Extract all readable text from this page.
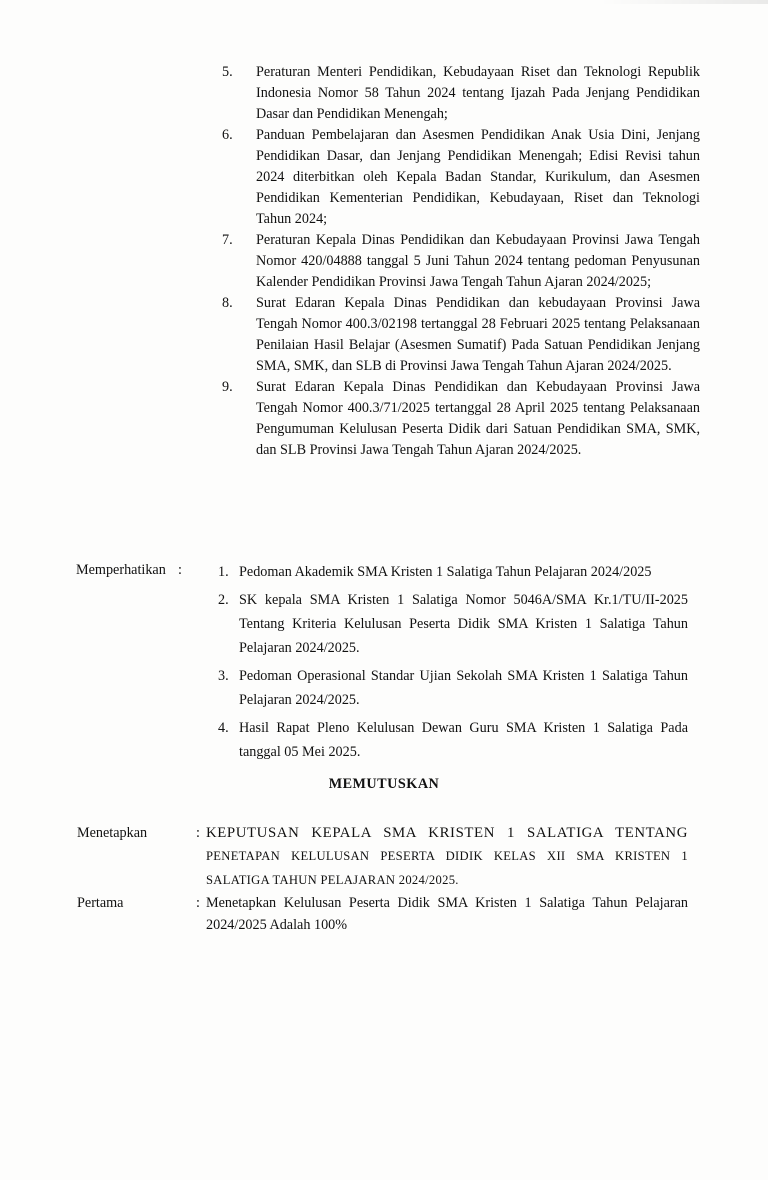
5. Peraturan Menteri Pendidikan, Kebudayaan Riset dan Teknologi Republik Indonesia Nomor 58 Tahun 2024 tentang Ijazah Pada Jenjang Pendidikan Dasar dan Pendidikan Menengah;
6. Panduan Pembelajaran dan Asesmen Pendidikan Anak Usia Dini, Jenjang Pendidikan Dasar, dan Jenjang Pendidikan Menengah; Edisi Revisi tahun 2024 diterbitkan oleh Kepala Badan Standar, Kurikulum, dan Asesmen Pendidikan Kementerian Pendidikan, Kebudayaan, Riset dan Teknologi Tahun 2024;
7. Peraturan Kepala Dinas Pendidikan dan Kebudayaan Provinsi Jawa Tengah Nomor 420/04888 tanggal 5 Juni Tahun 2024 tentang pedoman Penyusunan Kalender Pendidikan Provinsi Jawa Tengah Tahun Ajaran 2024/2025;
8. Surat Edaran Kepala Dinas Pendidikan dan kebudayaan Provinsi Jawa Tengah Nomor 400.3/02198 tertanggal 28 Februari 2025 tentang Pelaksanaan Penilaian Hasil Belajar (Asesmen Sumatif) Pada Satuan Pendidikan Jenjang SMA, SMK, dan SLB di Provinsi Jawa Tengah Tahun Ajaran 2024/2025.
9. Surat Edaran Kepala Dinas Pendidikan dan Kebudayaan Provinsi Jawa Tengah Nomor 400.3/71/2025 tertanggal 28 April 2025 tentang Pelaksanaan Pengumuman Kelulusan Peserta Didik dari Satuan Pendidikan SMA, SMK, dan SLB Provinsi Jawa Tengah Tahun Ajaran 2024/2025.
Memperhatikan :	1. Pedoman Akademik SMA Kristen 1 Salatiga Tahun Pelajaran 2024/2025
2. SK kepala SMA Kristen 1 Salatiga Nomor 5046A/SMA Kr.1/TU/II-2025 Tentang Kriteria Kelulusan Peserta Didik SMA Kristen 1 Salatiga Tahun Pelajaran 2024/2025.
3. Pedoman Operasional Standar Ujian Sekolah SMA Kristen 1 Salatiga Tahun Pelajaran 2024/2025.
4. Hasil Rapat Pleno Kelulusan Dewan Guru SMA Kristen 1 Salatiga Pada tanggal 05 Mei 2025.
MEMUTUSKAN
Menetapkan	: KEPUTUSAN KEPALA SMA KRISTEN 1 SALATIGA TENTANG
PENETAPAN KELULUSAN PESERTA DIDIK KELAS XII SMA KRISTEN 1 SALATIGA TAHUN PELAJARAN 2024/2025.
Pertama	: Menetapkan Kelulusan Peserta Didik SMA Kristen 1 Salatiga Tahun Pelajaran 2024/2025 Adalah 100%
